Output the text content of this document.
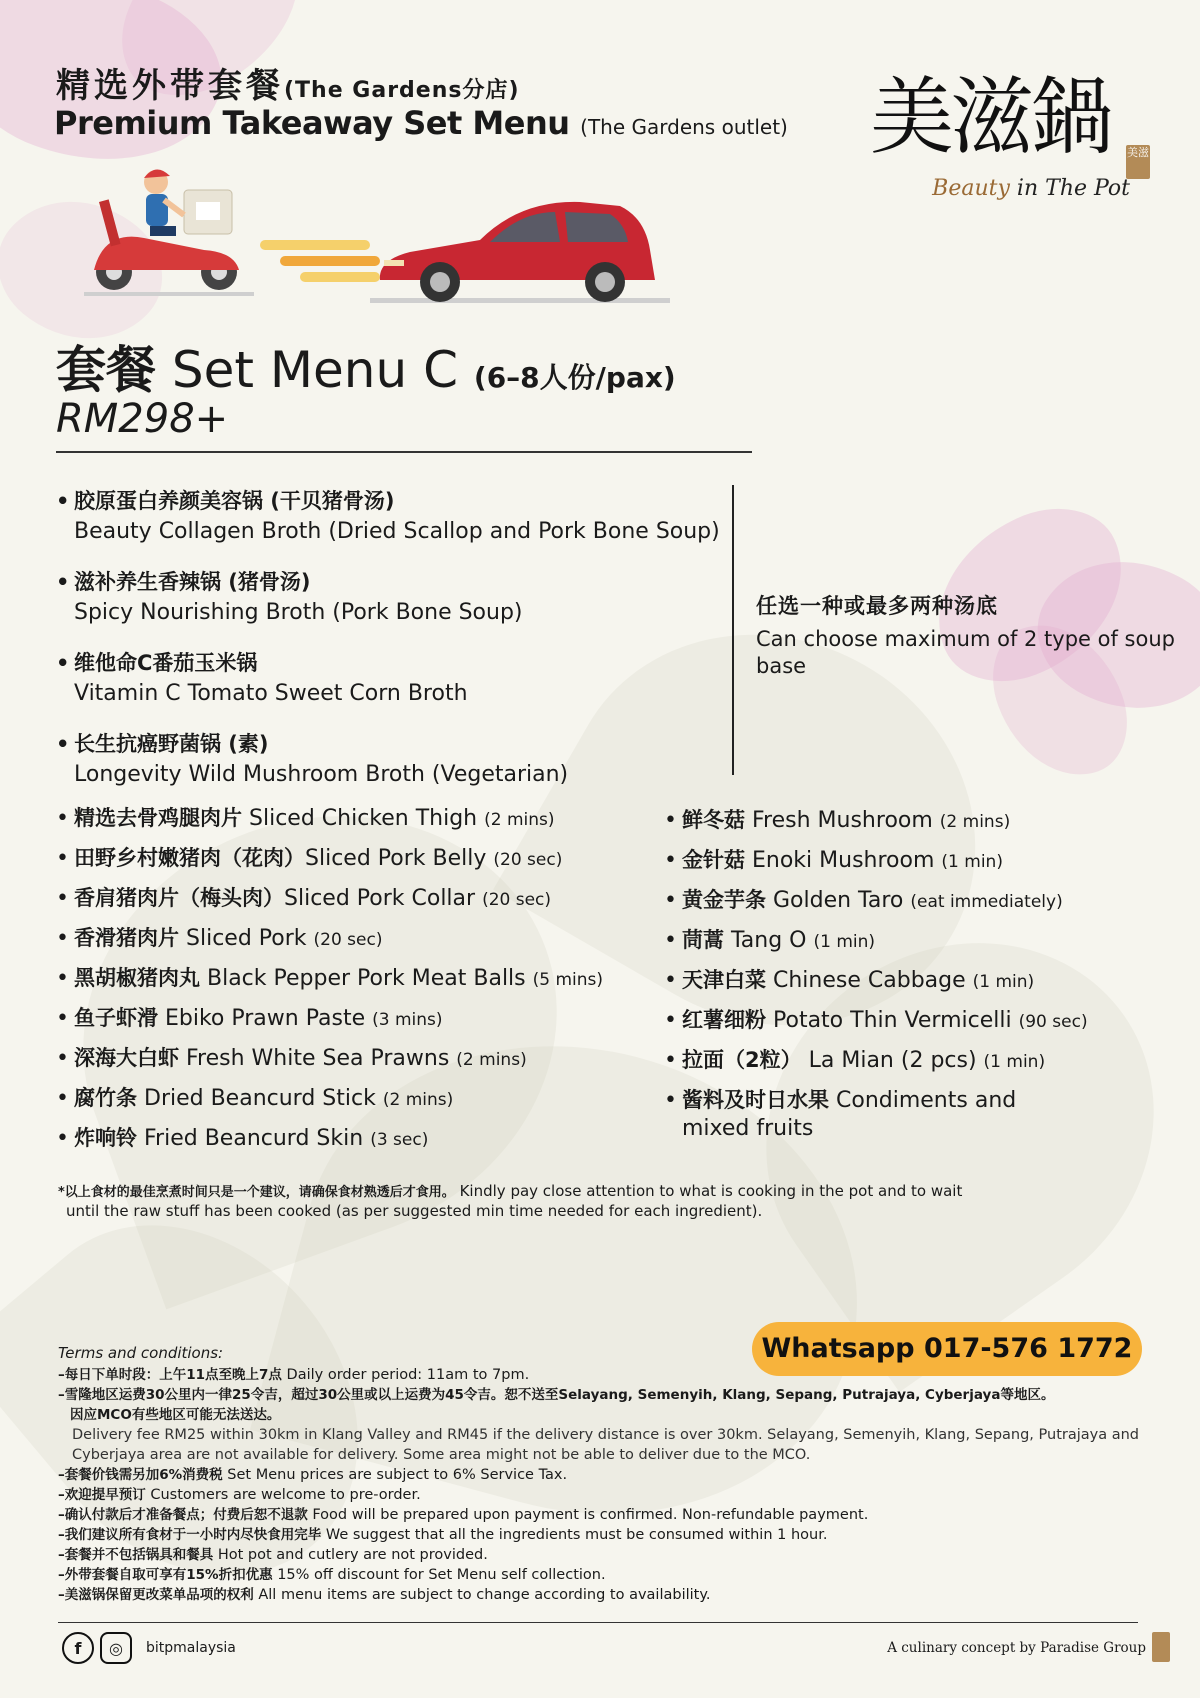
精选外带套餐(The Gardens分店)
Premium Takeaway Set Menu (The Gardens outlet) 美滋鍋 美滋
Beauty in The Pot
套餐 Set Menu C (6–8人份/pax)
RM298+
• 胶原蛋白养颜美容锅 (干贝猪骨汤)
Beauty Collagen Broth (Dried Scallop and Pork Bone Soup)
• 滋补养生香辣锅 (猪骨汤)
Spicy Nourishing Broth (Pork Bone Soup)
• 维他命C番茄玉米锅
Vitamin C Tomato Sweet Corn Broth
• 长生抗癌野菌锅 (素)
Longevity Wild Mushroom Broth (Vegetarian)
任选一种或最多两种汤底
Can choose maximum of 2 type of soup base
• 精选去骨鸡腿肉片 Sliced Chicken Thigh (2 mins)
• 田野乡村嫩猪肉（花肉）Sliced Pork Belly (20 sec)
• 香肩猪肉片（梅头肉）Sliced Pork Collar (20 sec)
• 香滑猪肉片 Sliced Pork (20 sec)
• 黑胡椒猪肉丸 Black Pepper Pork Meat Balls (5 mins)
• 鱼子虾滑 Ebiko Prawn Paste (3 mins)
• 深海大白虾 Fresh White Sea Prawns (2 mins)
• 腐竹条 Dried Beancurd Stick (2 mins)
• 炸响铃 Fried Beancurd Skin (3 sec)
• 鲜冬菇 Fresh Mushroom (2 mins)
• 金针菇 Enoki Mushroom (1 min)
• 黄金芋条 Golden Taro (eat immediately)
• 茼蒿 Tang O (1 min)
• 天津白菜 Chinese Cabbage (1 min)
• 红薯细粉 Potato Thin Vermicelli (90 sec)
• 拉面（2粒） La Mian (2 pcs) (1 min)
• 酱料及时日水果 Condiments and
mixed fruits
*以上食材的最佳烹煮时间只是一个建议，请确保食材熟透后才食用。 Kindly pay close attention to what is cooking in the pot and to wait
until the raw stuff has been cooked (as per suggested min time needed for each ingredient).
Whatsapp 017-576 1772
Terms and conditions:
–每日下单时段：上午11点至晚上7点 Daily order period: 11am to 7pm.
–雪隆地区运费30公里内一律25令吉，超过30公里或以上运费为45令吉。恕不送至Selayang, Semenyih, Klang, Sepang, Putrajaya, Cyberjaya等地区。
因应MCO有些地区可能无法送达。
Delivery fee RM25 within 30km in Klang Valley and RM45 if the delivery distance is over 30km. Selayang, Semenyih, Klang, Sepang, Putrajaya and Cyberjaya area are not available for delivery. Some area might not be able to deliver due to the MCO.
–套餐价钱需另加6%消费税 Set Menu prices are subject to 6% Service Tax.
–欢迎提早预订 Customers are welcome to pre-order.
–确认付款后才准备餐点；付费后恕不退款 Food will be prepared upon payment is confirmed. Non-refundable payment.
–我们建议所有食材于一小时内尽快食用完毕 We suggest that all the ingredients must be consumed within 1 hour.
–套餐并不包括锅具和餐具 Hot pot and cutlery are not provided.
–外带套餐自取可享有15%折扣优惠 15% off discount for Set Menu self collection.
–美滋锅保留更改菜单品项的权利 All menu items are subject to change according to availability.
f	◎	bitpmalaysia	A culinary concept by Paradise Group
